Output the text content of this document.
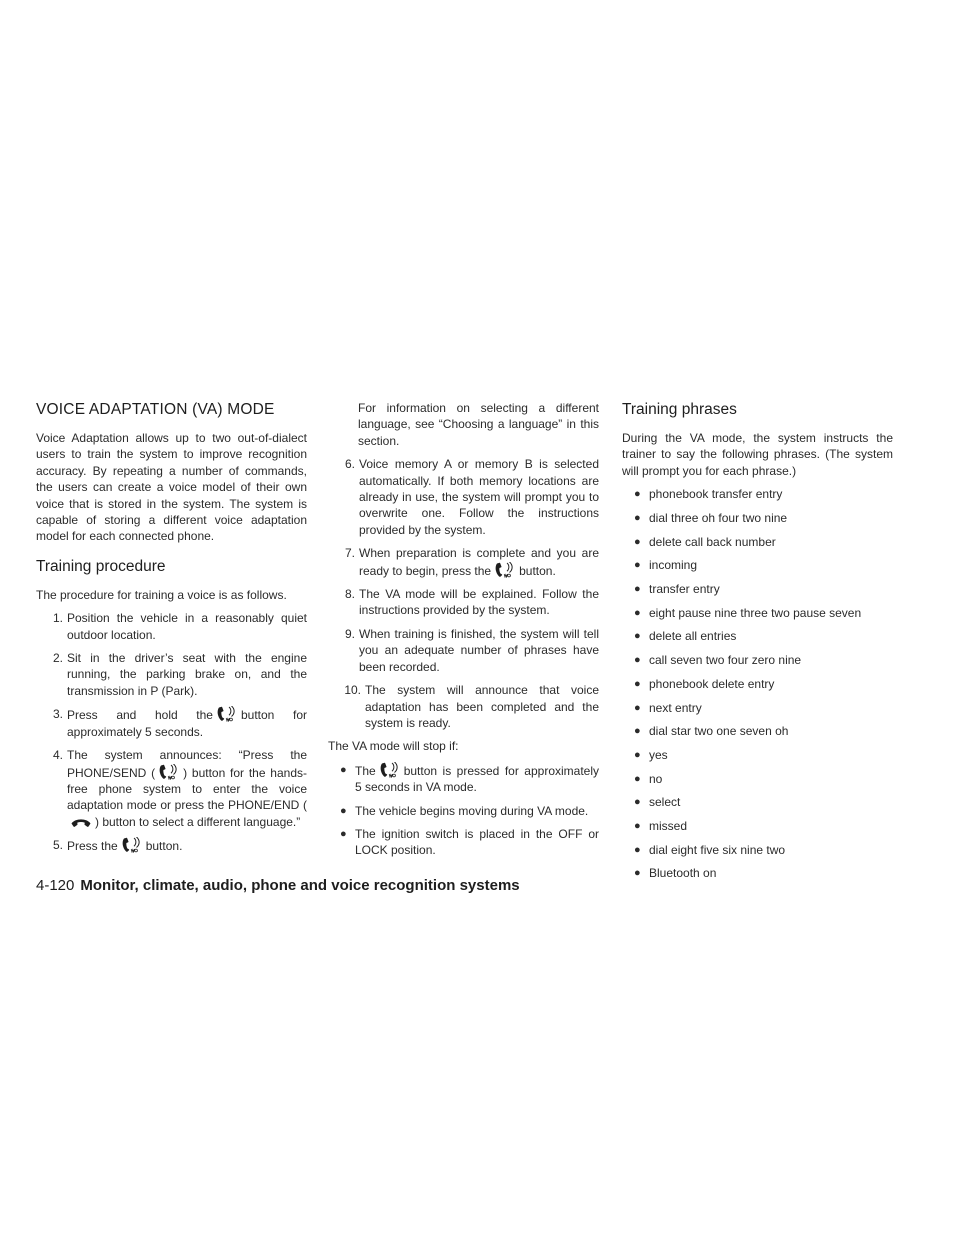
VOICE ADAPTATION (VA) MODE

Voice Adaptation allows up to two out-of-dialect users to train the system to improve recognition accuracy. By repeating a number of commands, the users can create a voice model of their own voice that is stored in the system. The system is capable of storing a different voice adaptation model for each connected phone.

Training procedure

The procedure for training a voice is as follows.

1. Position the vehicle in a reasonably quiet outdoor location.
2. Sit in the driver’s seat with the engine running, the parking brake on, and the transmission in P (Park).
3. Press and hold the button for approximately 5 seconds.
4. The system announces: “Press the PHONE/SEND ( ) button for the hands-free phone system to enter the voice adaptation mode or press the PHONE/END (
) button to select a different language.”
5. Press the button.
For information on selecting a different language, see “Choosing a language” in this section.
6. Voice memory A or memory B is selected automatically. If both memory locations are already in use, the system will prompt you to overwrite one. Follow the instructions provided by the system.
7. When preparation is complete and you are ready to begin, press the button.
8. The VA mode will be explained. Follow the instructions provided by the system.
9. When training is finished, the system will tell you an adequate number of phrases have been recorded.
10. The system will announce that voice adaptation has been completed and the system is ready.

The VA mode will stop if:

● The button is pressed for approximately 5 seconds in VA mode.
● The vehicle begins moving during VA mode.
● The ignition switch is placed in the OFF or LOCK position.
Training phrases

During the VA mode, the system instructs the trainer to say the following phrases. (The system will prompt you for each phrase.)

● phonebook transfer entry
● dial three oh four two nine
● delete call back number
● incoming
● transfer entry
● eight pause nine three two pause seven
● delete all entries
● call seven two four zero nine
● phonebook delete entry
● next entry
● dial star two one seven oh
● yes
● no
● select
● missed
● dial eight five six nine two
● Bluetooth on
4-120 Monitor, climate, audio, phone and voice recognition systems
